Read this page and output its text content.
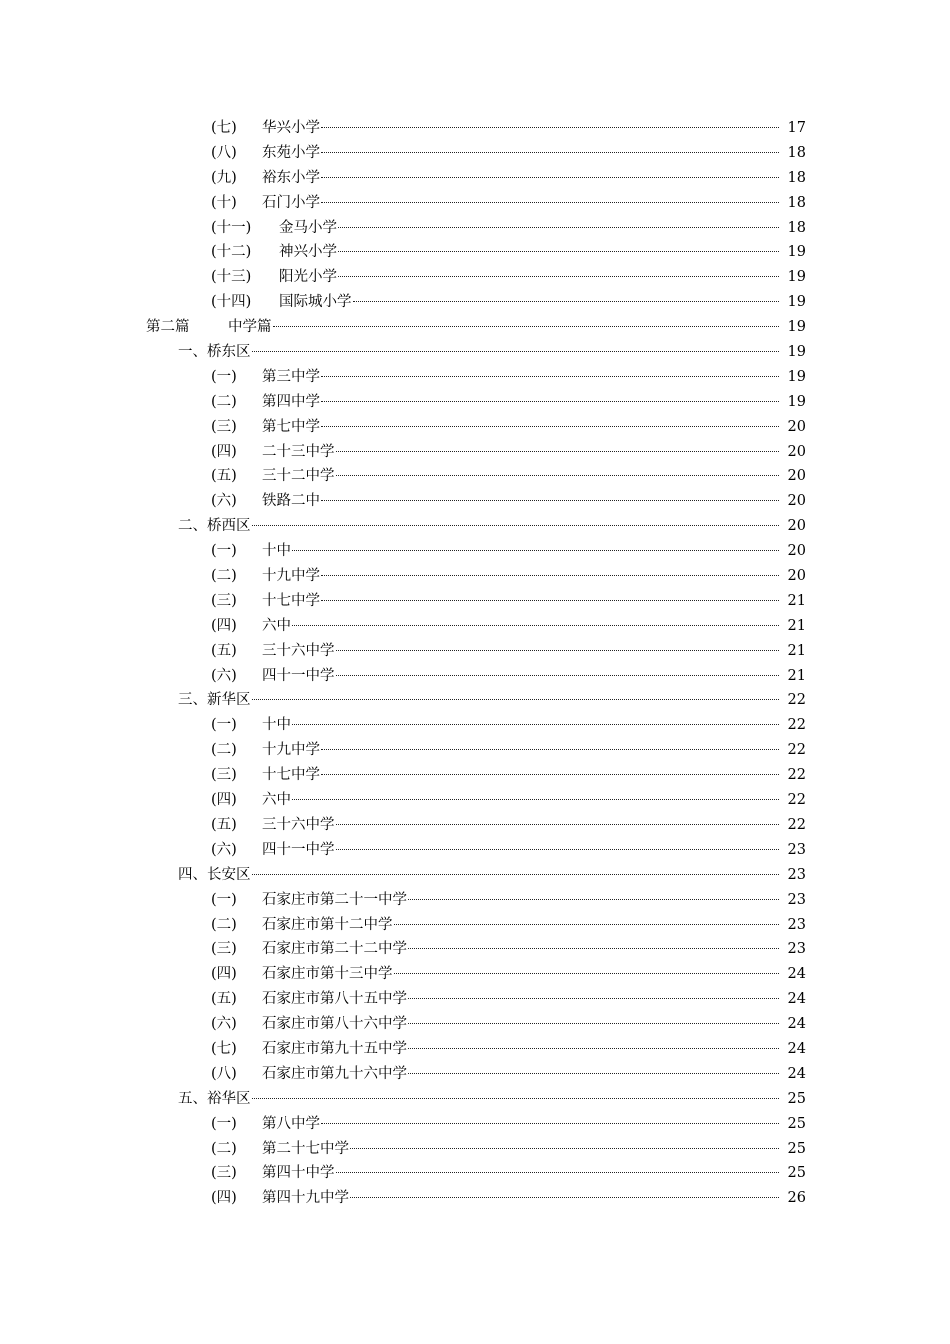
(七)	华兴小学	17
(八)	东苑小学	18
(九)	裕东小学	18
(十)	石门小学	18
(十一)	金马小学	18
(十二)	神兴小学	19
(十三)	阳光小学	19
(十四)	国际城小学	19
第二篇	中学篇	19
一、 桥东区	19
(一)	第三中学	19
(二)	第四中学	19
(三)	第七中学	20
(四)	二十三中学	20
(五)	三十二中学	20
(六)	铁路二中	20
二、 桥西区	20
(一)	十中	20
(二)	十九中学	20
(三)	十七中学	21
(四)	六中	21
(五)	三十六中学	21
(六)	四十一中学	21
三、 新华区	22
(一)	十中	22
(二)	十九中学	22
(三)	十七中学	22
(四)	六中	22
(五)	三十六中学	22
(六)	四十一中学	23
四、 长安区	23
(一)	石家庄市第二十一中学	23
(二)	石家庄市第十二中学	23
(三)	石家庄市第二十二中学	23
(四)	石家庄市第十三中学	24
(五)	石家庄市第八十五中学	24
(六)	石家庄市第八十六中学	24
(七)	石家庄市第九十五中学	24
(八)	石家庄市第九十六中学	24
五、 裕华区	25
(一)	第八中学	25
(二)	第二十七中学	25
(三)	第四十中学	25
(四)	第四十九中学	26
